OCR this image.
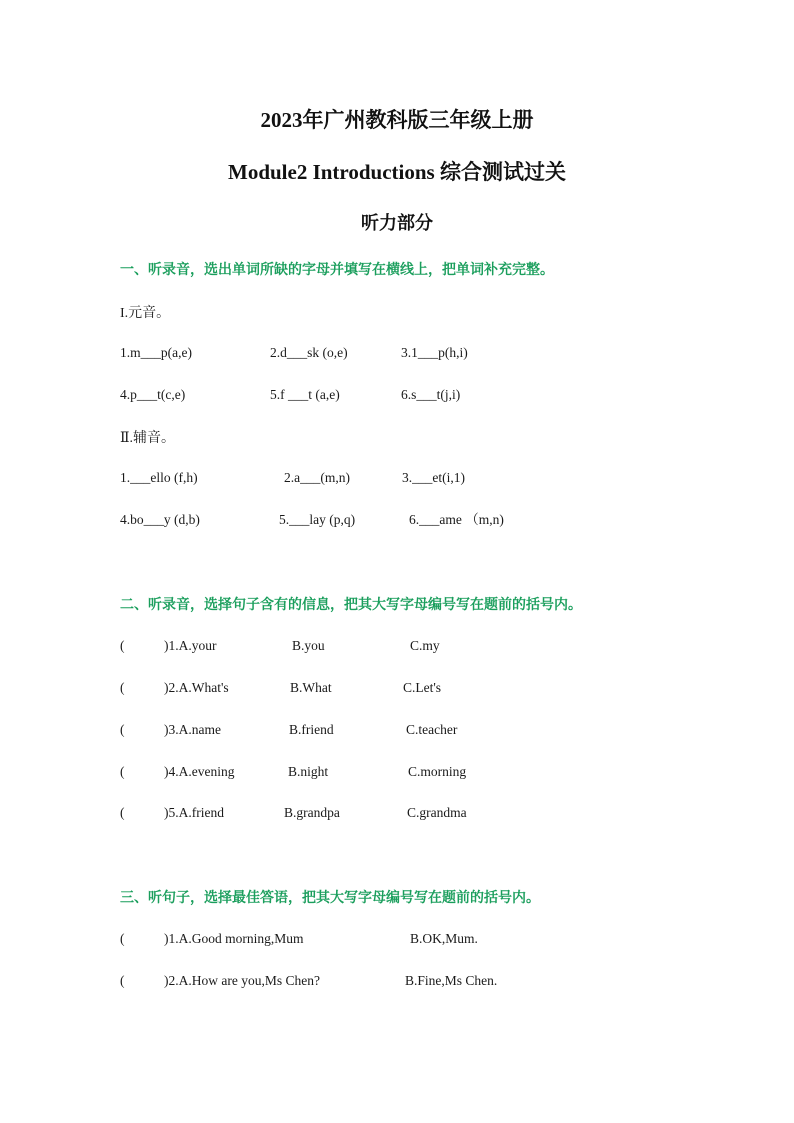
2023年广州教科版三年级上册
Module2 Introductions 综合测试过关
听力部分
一、听录音，选出单词所缺的字母并填写在横线上，把单词补充完整。
I.元音。
1.m___p(a,e)	2.d___sk (o,e)	3.1___p(h,i)
4.p___t(c,e)	5.f ___t (a,e)	6.s___t(j,i)
Ⅱ.辅音。
1.___ello (f,h)	2.a___(m,n)	3.___et(i,1)
4.bo___y (d,b)	5.___lay (p,q)	6.___ame （m,n)
二、听录音，选择句子含有的信息，把其大写字母编号写在题前的括号内。
(	)1.A.your	B.you	C.my
(	)2.A.What's	B.What	C.Let's
(	)3.A.name	B.friend	C.teacher
(	)4.A.evening	B.night	C.morning
(	)5.A.friend	B.grandpa	C.grandma
三、听句子，选择最佳答语，把其大写字母编号写在题前的括号内。
(	)1.A.Good morning,Mum	B.OK,Mum.
(	)2.A.How are you,Ms Chen?	B.Fine,Ms Chen.
